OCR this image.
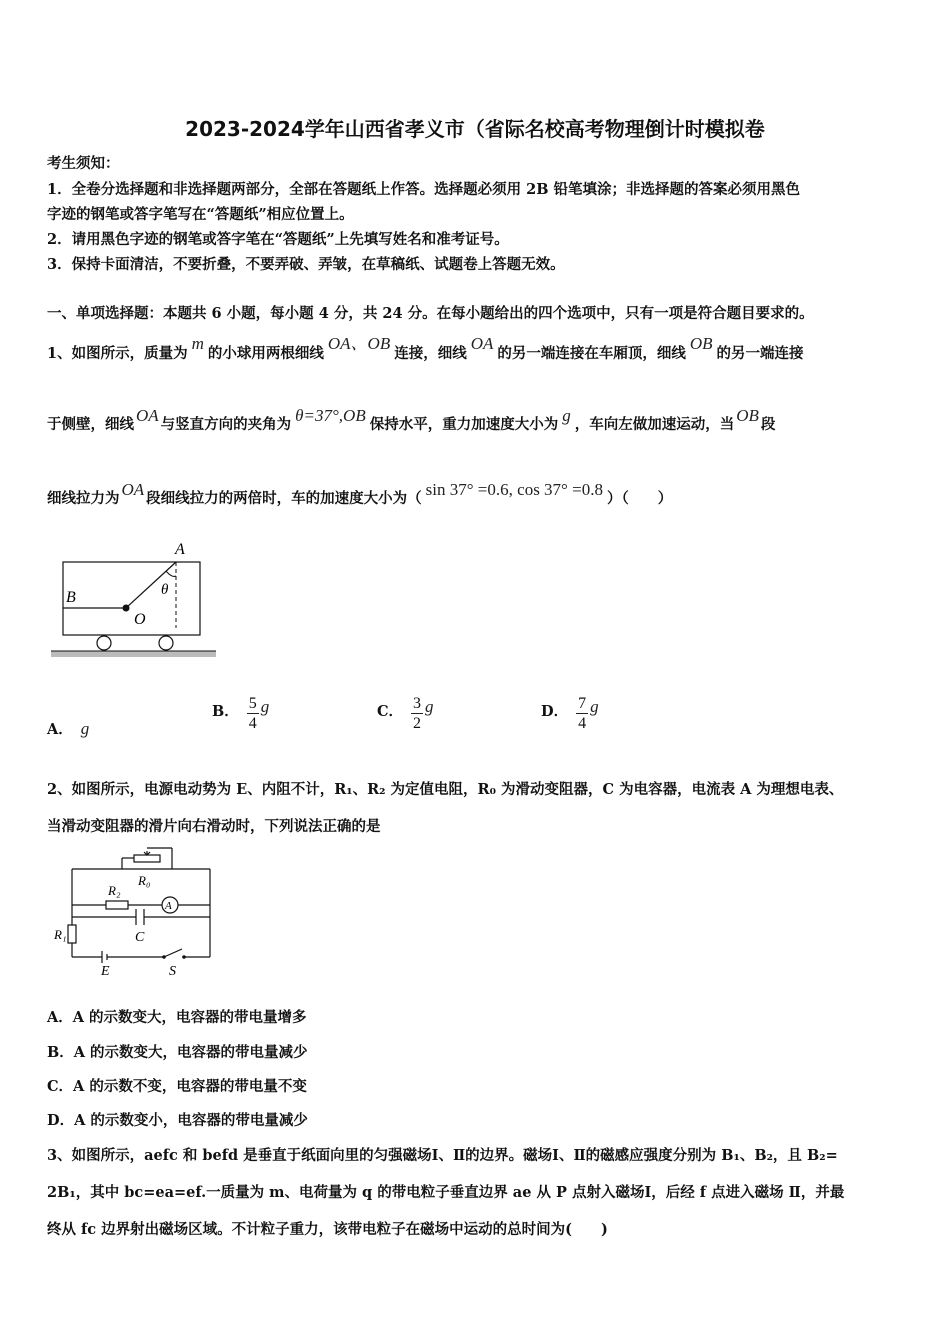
2023-2024学年山西省孝义市（省际名校高考物理倒计时模拟卷
考生须知：
1．全卷分选择题和非选择题两部分，全部在答题纸上作答。选择题必须用 2B 铅笔填涂；非选择题的答案必须用黑色
字迹的钢笔或答字笔写在“答题纸”相应位置上。
2．请用黑色字迹的钢笔或答字笔在“答题纸”上先填写姓名和准考证号。
3．保持卡面清洁，不要折叠，不要弄破、弄皱，在草稿纸、试题卷上答题无效。
一、单项选择题：本题共 6 小题，每小题 4 分，共 24 分。在每小题给出的四个选项中，只有一项是符合题目要求的。
1、如图所示，质量为m的小球用两根细线OA、OB连接，细线OA的另一端连接在车厢顶，细线OB的另一端连接
于侧壁，细线 OA 与竖直方向的夹角为 θ=37°,OB 保持水平，重力加速度大小为 g ，车向左做加速运动，当 OB 段
细线拉力为 OA 段细线拉力的两倍时，车的加速度大小为（ sin 37° =0.6, cos 37° =0.8 ）（　　）
A
B
O
θ
A． g
B． $\frac{5}{4}$ g	C． $\frac{3}{2}$ g	D． $\frac{7}{4}$ g
2、如图所示，电源电动势为 E、内阻不计，R₁、R₂ 为定值电阻，R₀ 为滑动变阻器，C 为电容器，电流表 A 为理想电表、
当滑动变阻器的滑片向右滑动时，下列说法正确的是
R₀
R₂
A
R₁	C
E	S
A．A 的示数变大，电容器的带电量增多
B．A 的示数变大，电容器的带电量减少
C．A 的示数不变，电容器的带电量不变
D．A 的示数变小，电容器的带电量减少
3、如图所示，aefc 和 befd 是垂直于纸面向里的匀强磁场Ⅰ、Ⅱ的边界。磁场Ⅰ、Ⅱ的磁感应强度分别为 B₁、B₂，且 B₂=
2B₁，其中 bc=ea=ef.一质量为 m、电荷量为 q 的带电粒子垂直边界 ae 从 P 点射入磁场Ⅰ，后经 f 点进入磁场 Ⅱ，并最
终从 fc 边界射出磁场区域。不计粒子重力，该带电粒子在磁场中运动的总时间为(　　)
